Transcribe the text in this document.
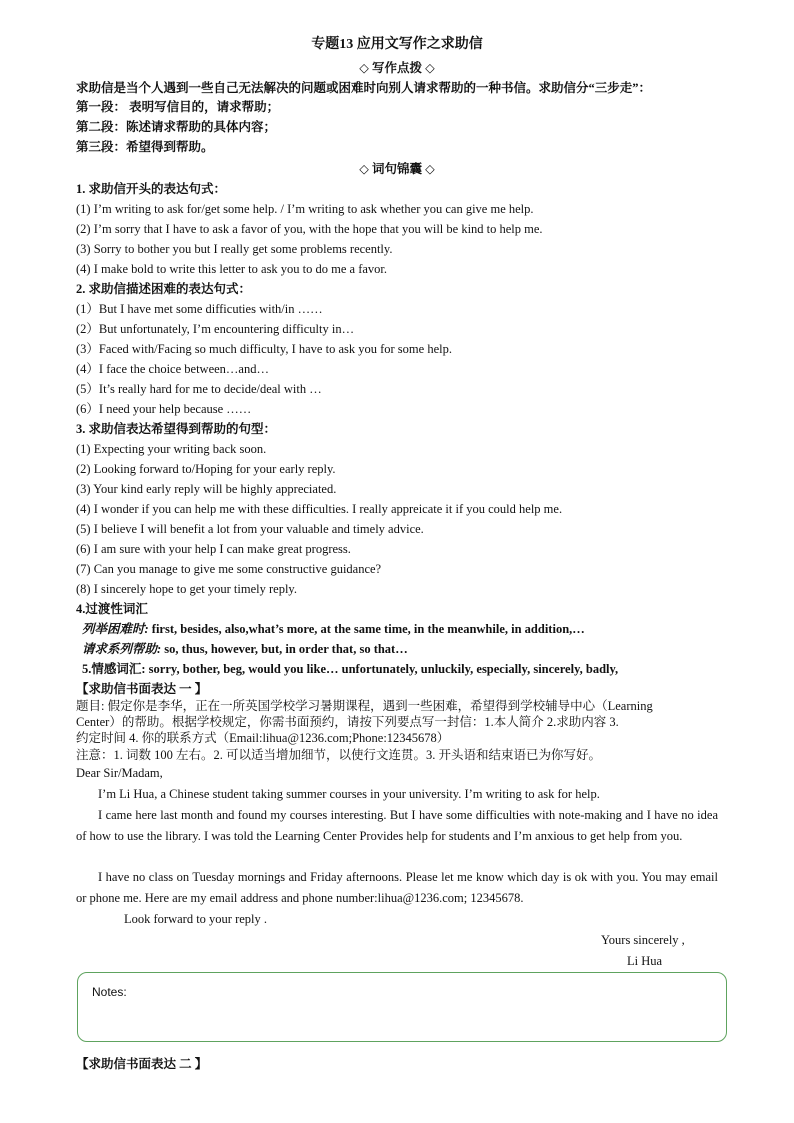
专题13 应用文写作之求助信
◇ 写作点拨 ◇
求助信是当个人遇到一些自己无法解决的问题或困难时向别人请求帮助的一种书信。求助信分“三步走”：
第一段： 表明写信目的，请求帮助；
第二段：陈述请求帮助的具体内容；
第三段：希望得到帮助。
◇ 词句锦囊 ◇
1. 求助信开头的表达句式：
(1) I’m writing to ask for/get some help. / I’m writing to ask whether you can give me help.
(2) I’m sorry that I have to ask a favor of you, with the hope that you will be kind to help me.
(3) Sorry to bother you but I really get some problems recently.
(4) I make bold to write this letter to ask you to do me a favor.
2. 求助信描述困难的表达句式：
(1）But I have met some difficuties with/in ……
(2）But unfortunately, I’m encountering difficulty in…
(3）Faced with/Facing so much difficulty, I have to ask you for some help.
(4）I face the choice between…and…
(5）It’s really hard for me to decide/deal with …
(6）I need your help because ……
3. 求助信表达希望得到帮助的句型：
(1) Expecting your writing back soon.
(2) Looking forward to/Hoping for your early reply.
(3) Your kind early reply will be highly appreciated.
(4) I wonder if you can help me with these difficulties. I really appreicate it if you could help me.
(5) I believe I will benefit a lot from your valuable and timely advice.
(6) I am sure with your help I can make great progress.
(7) Can you manage to give me some constructive guidance?
(8) I sincerely hope to get your timely reply.
4.过渡性词汇
列举困难时: first, besides, also,what’s more, at the same time, in the meanwhile, in addition,…
请求系列帮助: so, thus, however, but, in order that, so that…
5.情感词汇: sorry, bother, beg, would you like… unfortunately, unluckily, especially, sincerely, badly,
【求助信书面表达 一 】
题目: 假定你是李华，正在一所英国学校学习暑期课程，遇到一些困难，希望得到学校辅导中心（Learning
Center）的帮助。根据学校规定，你需书面预约，请按下列要点写一封信：1.本人简介 2.求助内容 3.
约定时间 4. 你的联系方式（Email:lihua@1236.com;Phone:12345678）
注意：1. 词数 100 左右。2. 可以适当增加细节，以使行文连贯。3. 开头语和结束语已为你写好。
Dear Sir/Madam,
I’m Li Hua, a Chinese student taking summer courses in your university. I’m writing to ask for help.
I came here last month and found my courses interesting. But I have some difficulties with note-making and I have no idea of how to use the library. I was told the Learning Center Provides help for students and I’m anxious to get help from you.
I have no class on Tuesday mornings and Friday afternoons. Please let me know which day is ok with you. You may email or phone me. Here are my email address and phone number:lihua@1236.com; 12345678.
Look forward to your reply .
Yours sincerely ,
Li Hua
Notes:
【求助信书面表达 二 】
